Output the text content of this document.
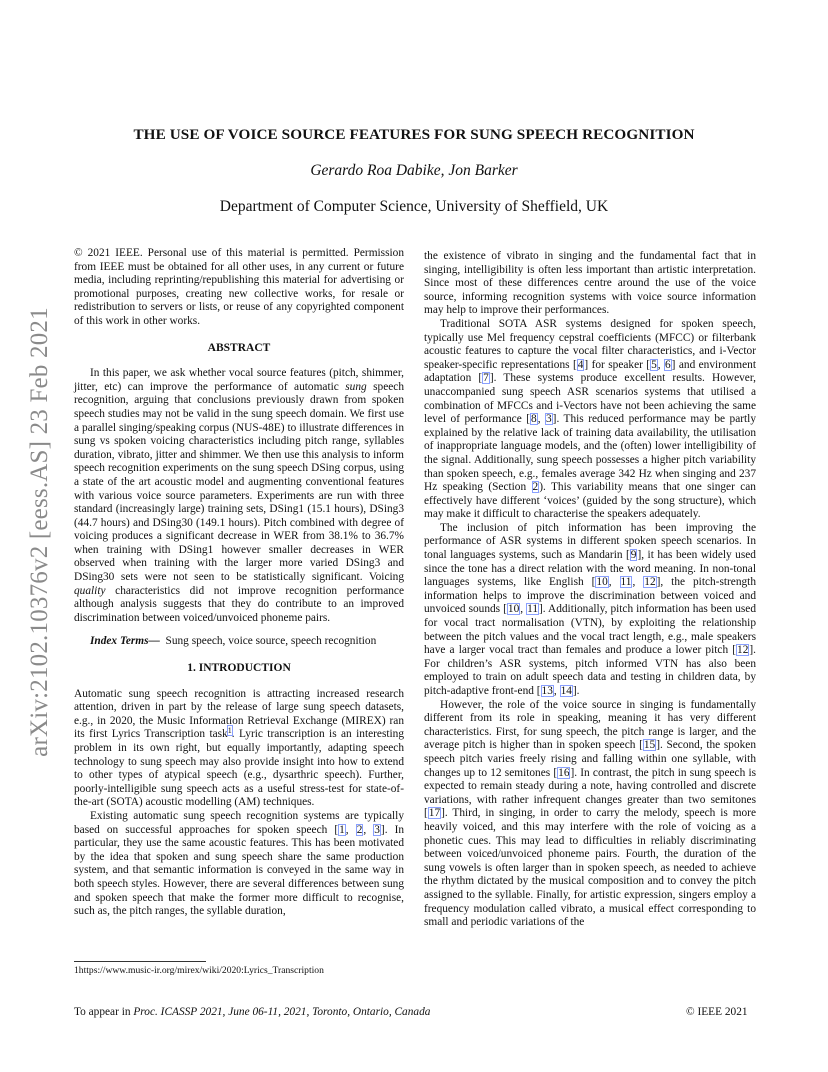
arXiv:2102.10376v2 [eess.AS] 23 Feb 2021
THE USE OF VOICE SOURCE FEATURES FOR SUNG SPEECH RECOGNITION
Gerardo Roa Dabike, Jon Barker
Department of Computer Science, University of Sheffield, UK

© 2021 IEEE. Personal use of this material is permitted. Permission from IEEE must be obtained for all other uses, in any current or future media, including reprinting/republishing this material for advertising or promotional purposes, creating new collective works, for resale or redistribution to servers or lists, or reuse of any copyrighted component of this work in other works.

ABSTRACT

In this paper, we ask whether vocal source features (pitch, shimmer, jitter, etc) can improve the performance of automatic sung speech recognition, arguing that conclusions previously drawn from spoken speech studies may not be valid in the sung speech domain. We first use a parallel singing/speaking corpus (NUS-48E) to illustrate differences in sung vs spoken voicing characteristics including pitch range, syllables duration, vibrato, jitter and shimmer. We then use this analysis to inform speech recognition experiments on the sung speech DSing corpus, using a state of the art acoustic model and augmenting conventional features with various voice source parameters. Experiments are run with three standard (increasingly large) training sets, DSing1 (15.1 hours), DSing3 (44.7 hours) and DSing30 (149.1 hours). Pitch combined with degree of voicing produces a significant decrease in WER from 38.1% to 36.7% when training with DSing1 however smaller decreases in WER observed when training with the larger more varied DSing3 and DSing30 sets were not seen to be statistically significant. Voicing quality characteristics did not improve recognition performance although analysis suggests that they do contribute to an improved discrimination between voiced/unvoiced phoneme pairs.

Index Terms— Sung speech, voice source, speech recognition

1. INTRODUCTION

Automatic sung speech recognition is attracting increased research attention, driven in part by the release of large sung speech datasets, e.g., in 2020, the Music Information Retrieval Exchange (MIREX) ran its first Lyrics Transcription task$^1$. Lyric transcription is an interesting problem in its own right, but equally importantly, adapting speech technology to sung speech may also provide insight into how to extend to other types of atypical speech (e.g., dysarthric speech). Further, poorly-intelligible sung speech acts as a useful stress-test for state-of-the-art (SOTA) acoustic modelling (AM) techniques.

Existing automatic sung speech recognition systems are typically based on successful approaches for spoken speech [1, 2, 3]. In particular, they use the same acoustic features. This has been motivated by the idea that spoken and sung speech share the same production system, and that semantic information is conveyed in the same way in both speech styles. However, there are several differences between sung and spoken speech that make the former more difficult to recognise, such as, the pitch ranges, the syllable duration,

1https://www.music-ir.org/mirex/wiki/2020:Lyrics_Transcription

the existence of vibrato in singing and the fundamental fact that in singing, intelligibility is often less important than artistic interpretation. Since most of these differences centre around the use of the voice source, informing recognition systems with voice source information may help to improve their performances.

Traditional SOTA ASR systems designed for spoken speech, typically use Mel frequency cepstral coefficients (MFCC) or filterbank acoustic features to capture the vocal filter characteristics, and i-Vector speaker-specific representations [4] for speaker [5, 6] and environment adaptation [7]. These systems produce excellent results. However, unaccompanied sung speech ASR scenarios systems that utilised a combination of MFCCs and i-Vectors have not been achieving the same level of performance [8, 3]. This reduced performance may be partly explained by the relative lack of training data availability, the utilisation of inappropriate language models, and the (often) lower intelligibility of the signal. Additionally, sung speech possesses a higher pitch variability than spoken speech, e.g., females average 342 Hz when singing and 237 Hz speaking (Section 2). This variability means that one singer can effectively have different ‘voices’ (guided by the song structure), which may make it difficult to characterise the speakers adequately.

The inclusion of pitch information has been improving the performance of ASR systems in different spoken speech scenarios. In tonal languages systems, such as Mandarin [9], it has been widely used since the tone has a direct relation with the word meaning. In non-tonal languages systems, like English [10, 11, 12], the pitch-strength information helps to improve the discrimination between voiced and unvoiced sounds [10, 11]. Additionally, pitch information has been used for vocal tract normalisation (VTN), by exploiting the relationship between the pitch values and the vocal tract length, e.g., male speakers have a larger vocal tract than females and produce a lower pitch [12]. For children’s ASR systems, pitch informed VTN has also been employed to train on adult speech data and testing in children data, by pitch-adaptive front-end [13, 14].

However, the role of the voice source in singing is fundamentally different from its role in speaking, meaning it has very different characteristics. First, for sung speech, the pitch range is larger, and the average pitch is higher than in spoken speech [15]. Second, the spoken speech pitch varies freely rising and falling within one syllable, with changes up to 12 semitones [16]. In contrast, the pitch in sung speech is expected to remain steady during a note, having controlled and discrete variations, with rather infrequent changes greater than two semitones [17]. Third, in singing, in order to carry the melody, speech is more heavily voiced, and this may interfere with the role of voicing as a phonetic cues. This may lead to difficulties in reliably discriminating between voiced/unvoiced phoneme pairs. Fourth, the duration of the sung vowels is often larger than in spoken speech, as needed to achieve the rhythm dictated by the musical composition and to convey the pitch assigned to the syllable. Finally, for artistic expression, singers employ a frequency modulation called vibrato, a musical effect corresponding to small and periodic variations of the

To appear in Proc. ICASSP 2021, June 06-11, 2021, Toronto, Ontario, Canada	© IEEE 2021
